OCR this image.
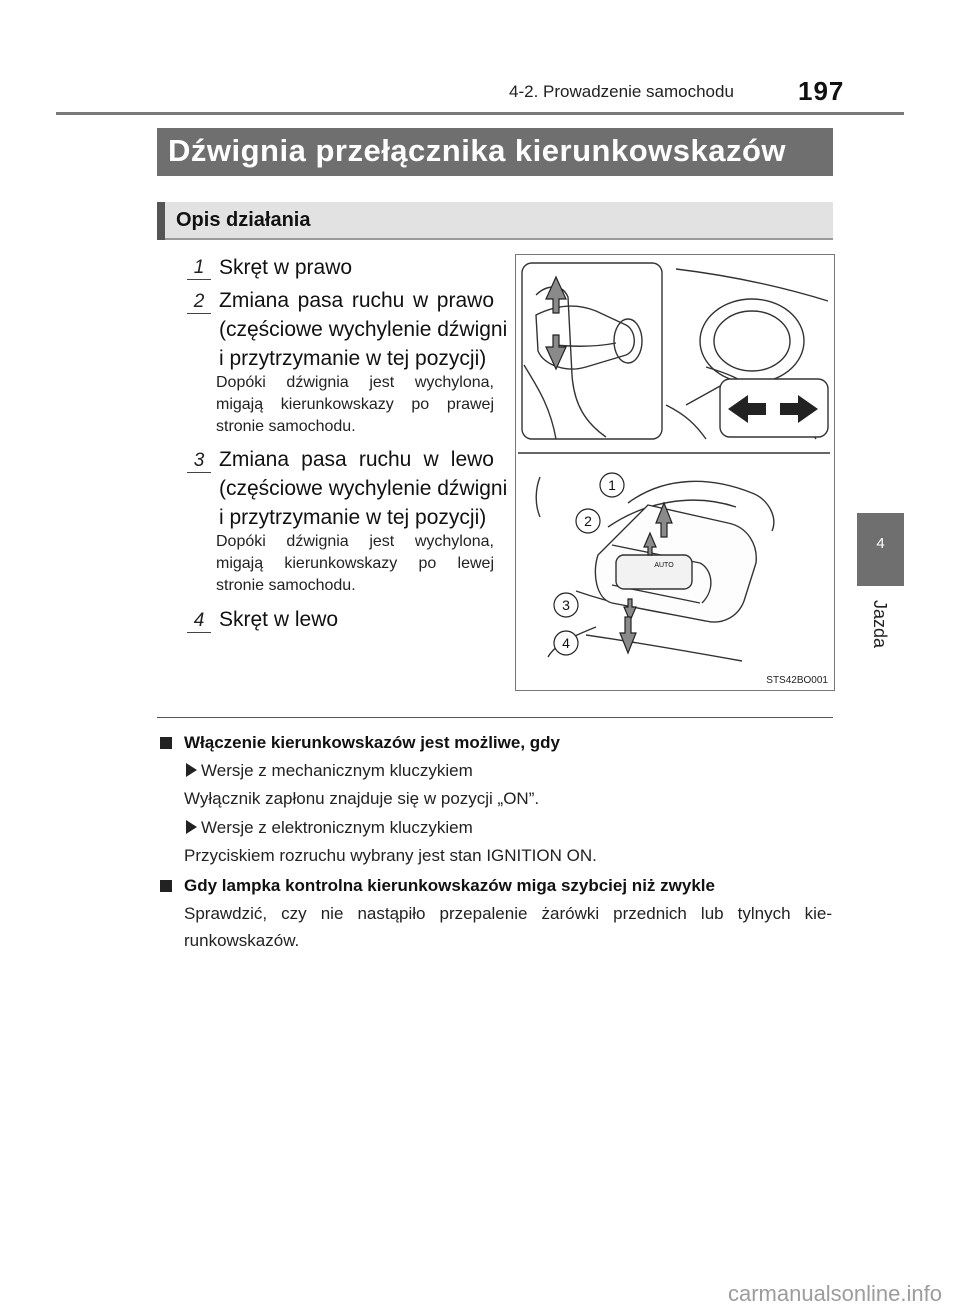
4-2. Prowadzenie samochodu 197
Dźwignia przełącznika kierunkowskazów
Opis działania
1 Skręt w prawo
2 Zmiana pasa ruchu w prawo
(częściowe wychylenie dźwigni
i przytrzymanie w tej pozycji)
Dopóki dźwignia jest wychylona, migają kierunkowskazy po prawej stronie samochodu.
3 Zmiana pasa ruchu w lewo
(częściowe wychylenie dźwigni
i przytrzymanie w tej pozycji)
Dopóki dźwignia jest wychylona, migają kierunkowskazy po lewej stronie samochodu.
4 Skręt w lewo
1
2
3
4
AUTO
STS42BO001
Włączenie kierunkowskazów jest możliwe, gdy
Wersje z mechanicznym kluczykiem
Wyłącznik zapłonu znajduje się w pozycji „ON”.
Wersje z elektronicznym kluczykiem
Przyciskiem rozruchu wybrany jest stan IGNITION ON.
Gdy lampka kontrolna kierunkowskazów miga szybciej niż zwykle
Sprawdzić, czy nie nastąpiło przepalenie żarówki przednich lub tylnych kie-
runkowskazów.
4
Jazda
carmanualsonline.info
